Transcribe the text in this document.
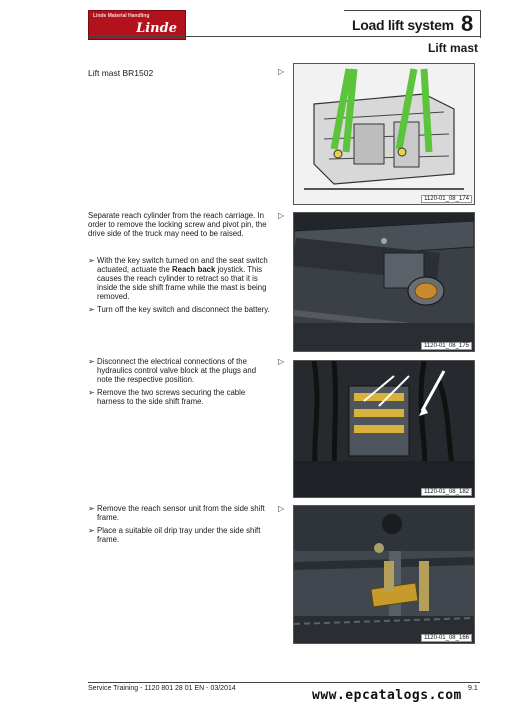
Linde Material Handling
Linde	Load lift system 8
Lift mast
Lift mast BR1502	▷
1120-01_08_174
Separate reach cylinder from the reach carriage. In order to remove the locking screw and pivot pin, the drive side of the truck may need to be raised.
▷
➢ With the key switch turned on and the seat switch actuated, actuate the Reach back joystick. This causes the reach cylinder to retract so that it is inside the side shift frame while the mast is being removed.
➢ Turn off the key switch and disconnect the battery.
1120-01_08_175
▷
➢ Disconnect the electrical connections of the hydraulics control valve block at the plugs and note the respective position.
➢ Remove the two screws securing the cable harness to the side shift frame.
1120-01_08_182
▷
➢ Remove the reach sensor unit from the side shift frame.
➢ Place a suitable oil drip tray under the side shift frame.
1120-01_08_166
Service Training - 1120 801 28 01 EN - 03/2014	www.epcatalogs.com 9.1
